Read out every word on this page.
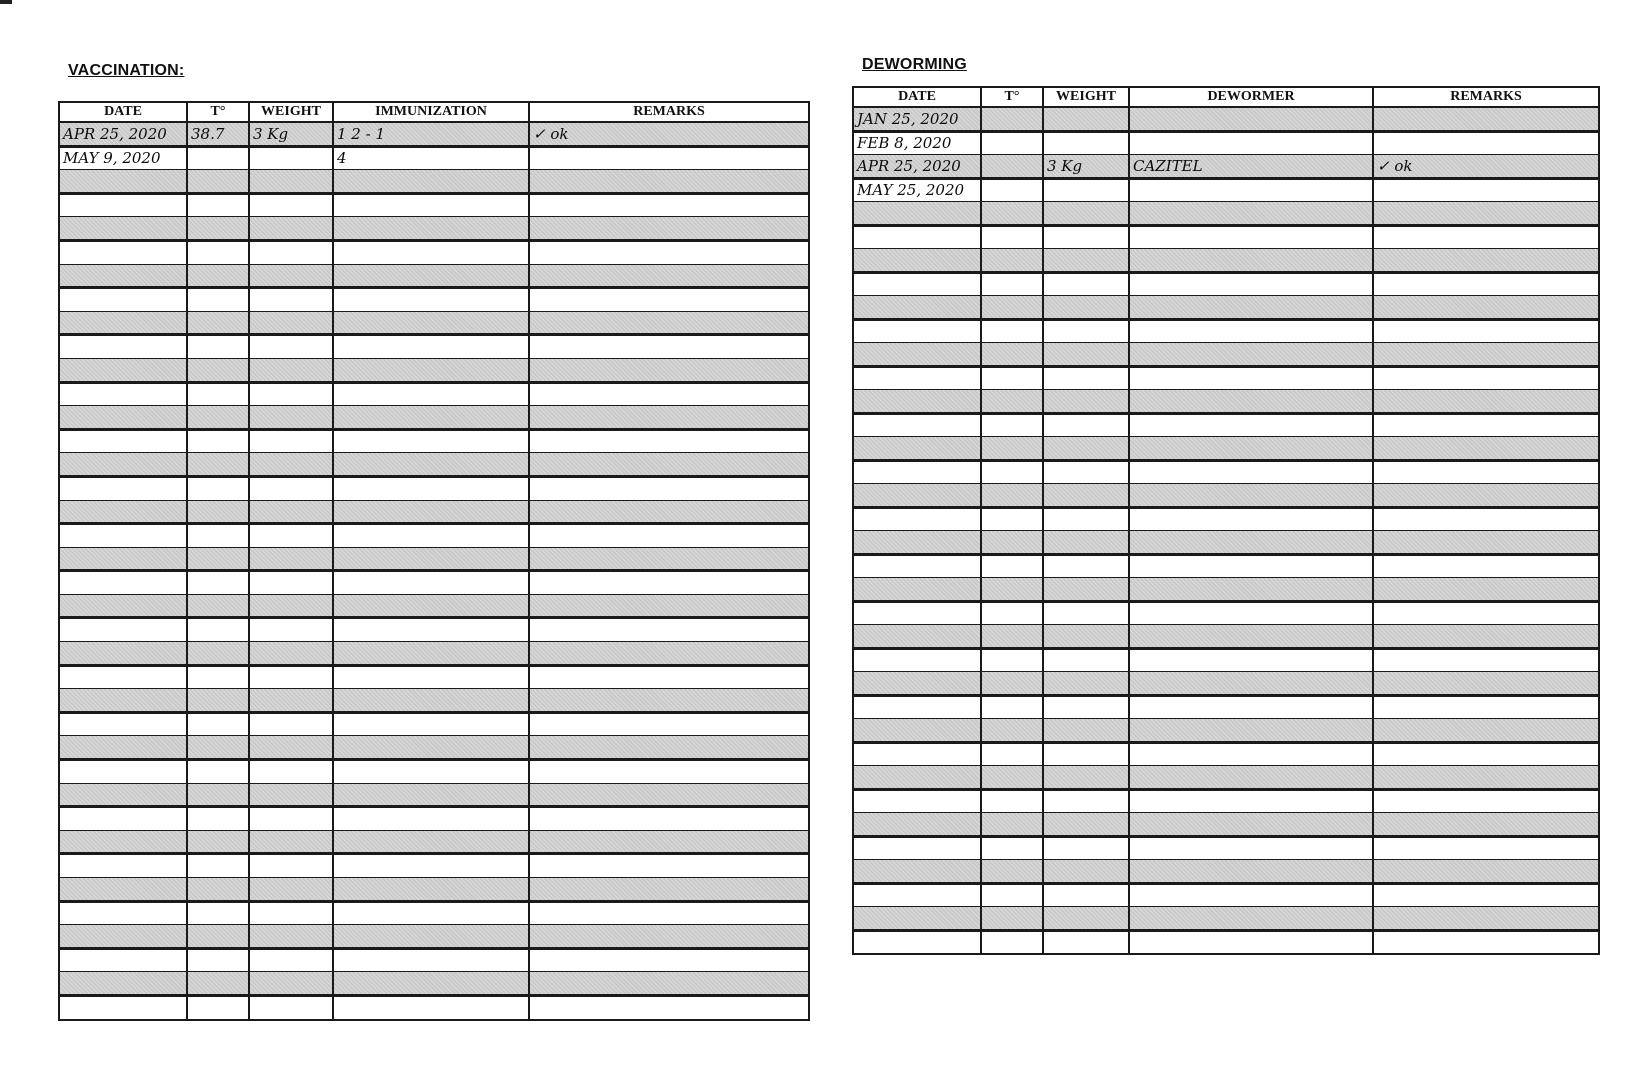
VACCINATION:
DATE	T°	WEIGHT	IMMUNIZATION	REMARKS
APR 25, 2020	38.7	3 Kg	1 2 - 1	✓ ok
MAY 9, 2020			4	

DEWORMING
DATE	T°	WEIGHT	DEWORMER	REMARKS
JAN 25, 2020				
FEB 8, 2020				
APR 25, 2020		3 Kg	CAZITEL	✓ ok
MAY 25, 2020				
